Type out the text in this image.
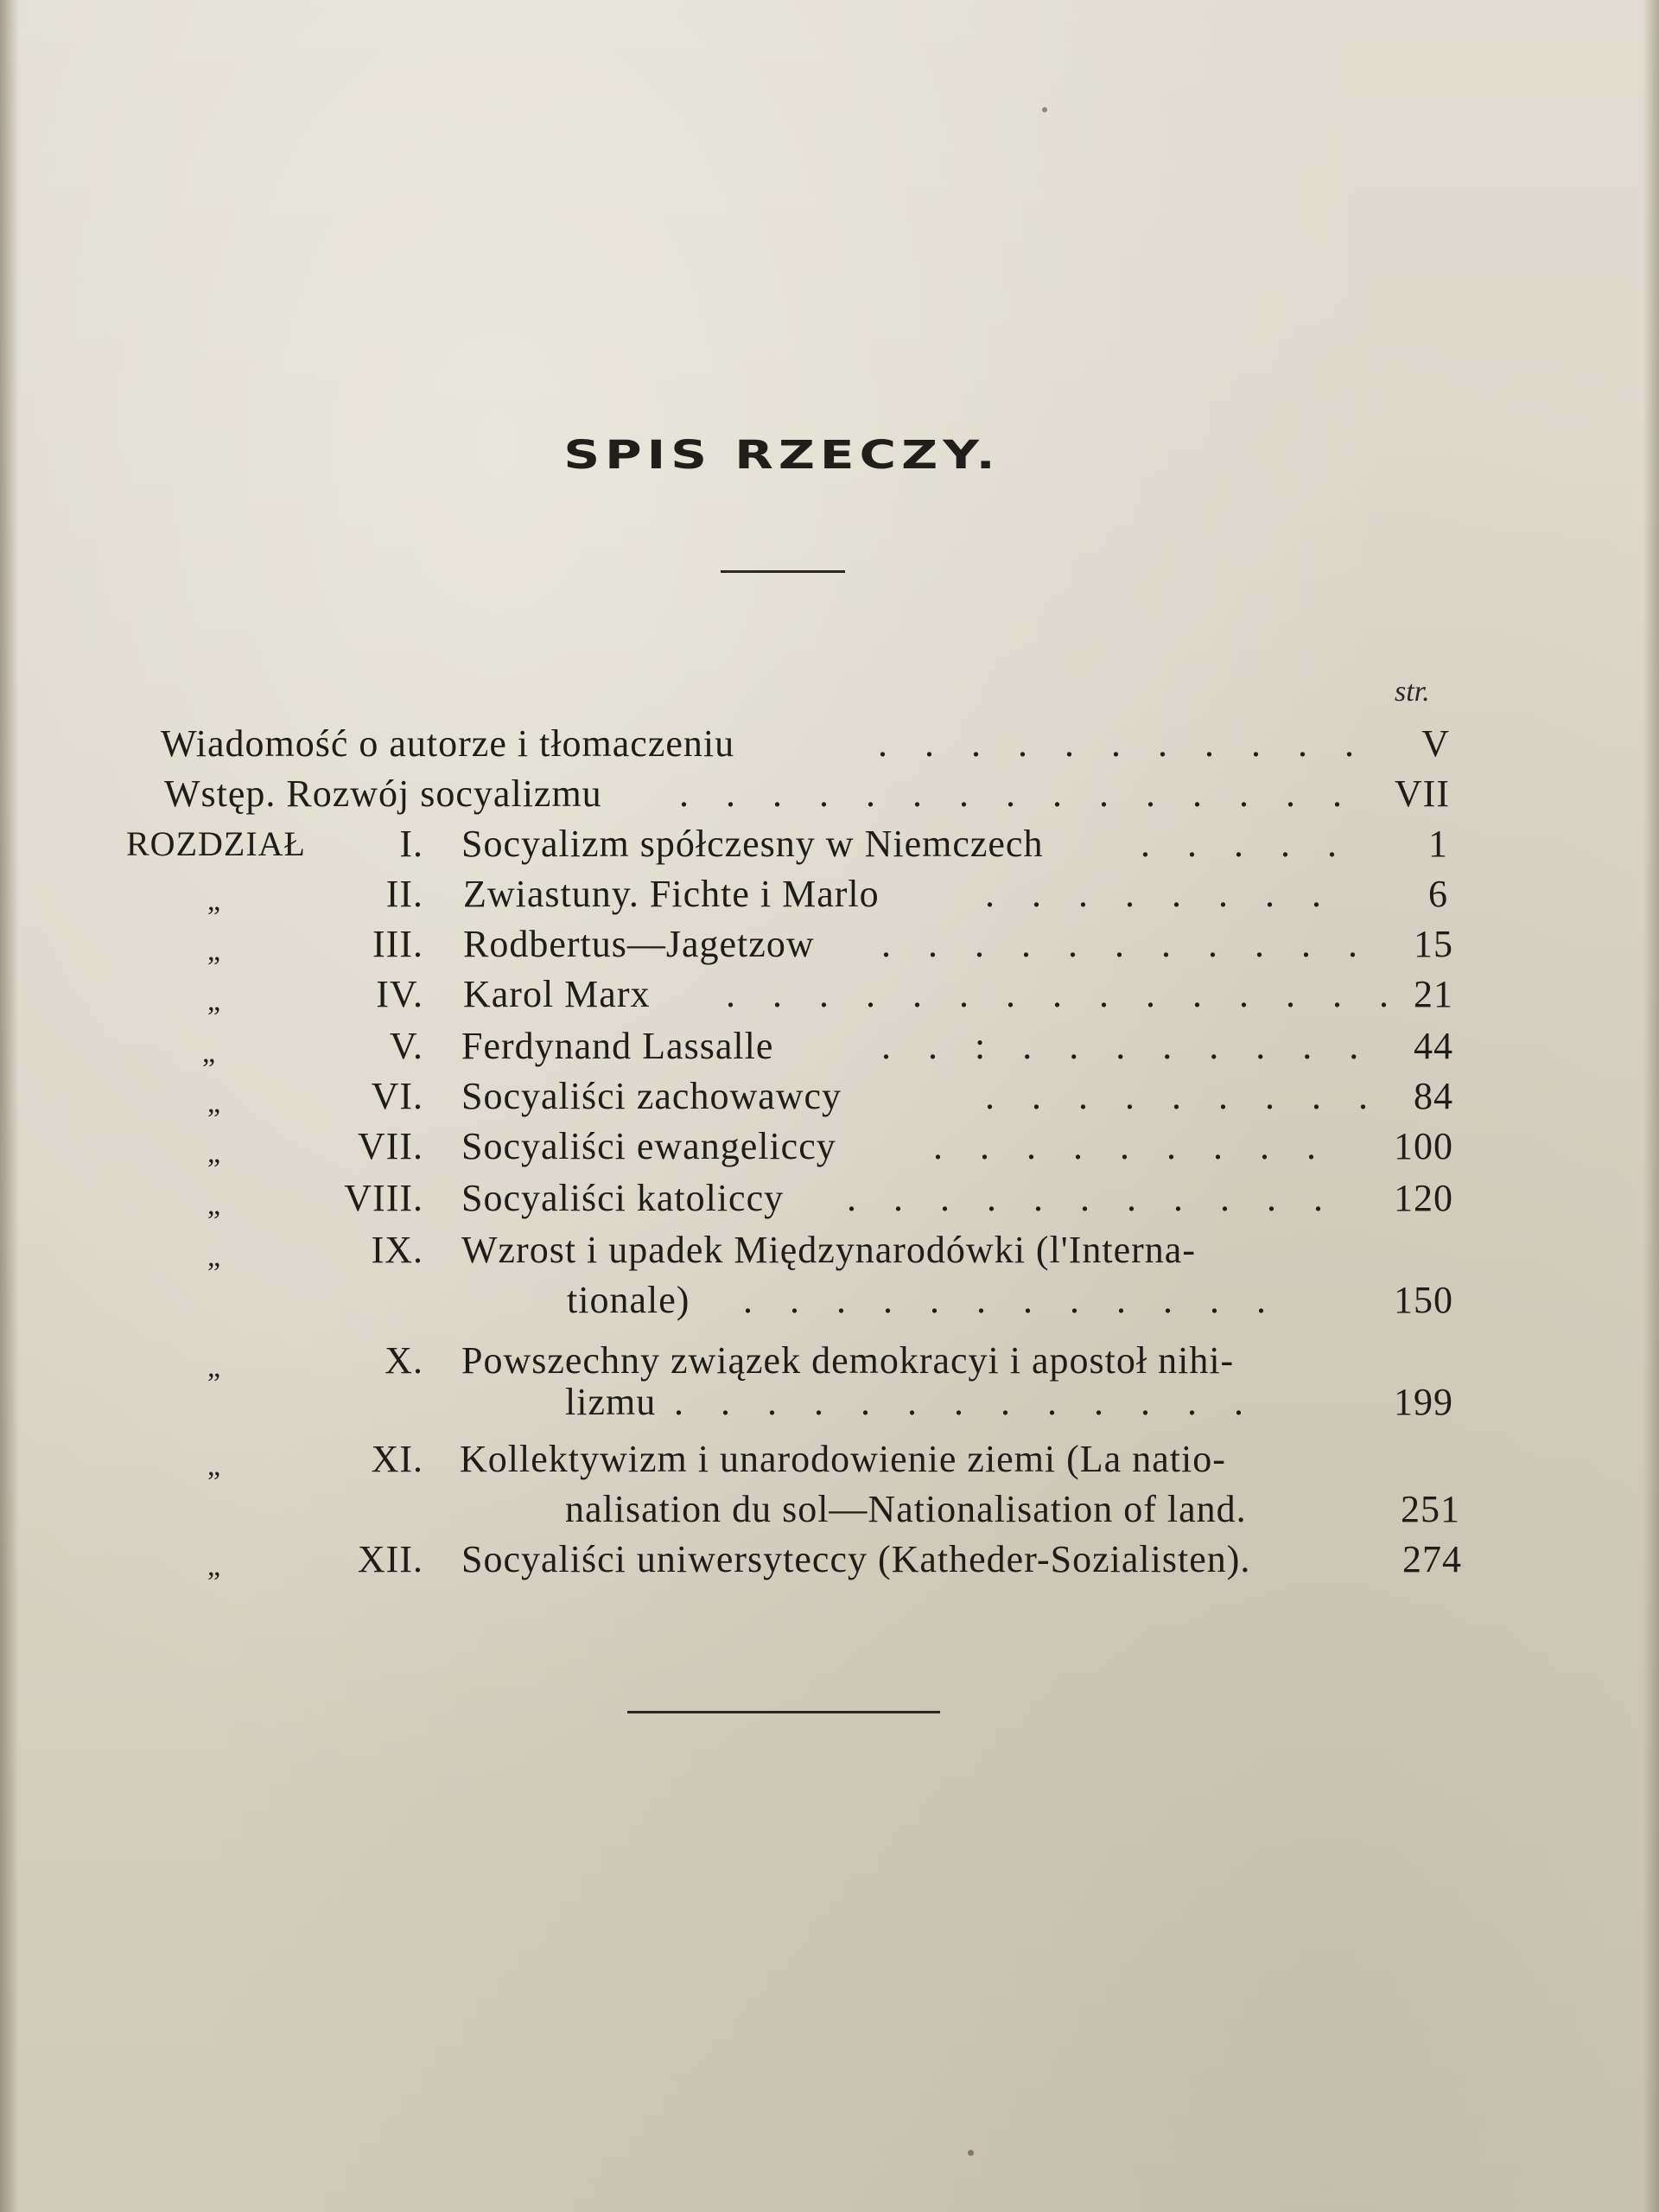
SPIS RZECZY.
str.
Wiadomość o autorze i tłomaczeniu	. . . . . . . . . . . V
Wstęp. Rozwój socyalizmu . . . . . . . . . . . . . . . VII
ROZDZIAŁ I. Socyalizm spółczesny w Niemczech	. . . . . 1
„	II. Zwiastuny. Fichte i Marlo	. . . . . . . . 6
„	III. Rodbertus—Jagetzow . . . . . . . . . . . 15
„	IV. Karol Marx . . . . . . . . . . . . . . . 21
„	V. Ferdynand Lassalle	. . : . . . . . . . . 44
„	VI. Socyaliści zachowawcy	. . . . . . . . . 84
„	VII. Socyaliści ewangeliccy	. . . . . . . . . 100
„	VIII. Socyaliści katoliccy . . . . . . . . . . . 120
„	IX. Wzrost i upadek Międzynarodówki (l'Interna-
tionale) . . . . . . . . . . . .	150
„	X. Powszechny związek demokracyi i apostoł nihi-
lizmu . . . . . . . . . . . . .	199
„	XI. Kollektywizm i unarodowienie ziemi (La natio-
nalisation du sol—Nationalisation of land.	251
„	XII. Socyaliści uniwersyteccy (Katheder-Sozialisten).	274
